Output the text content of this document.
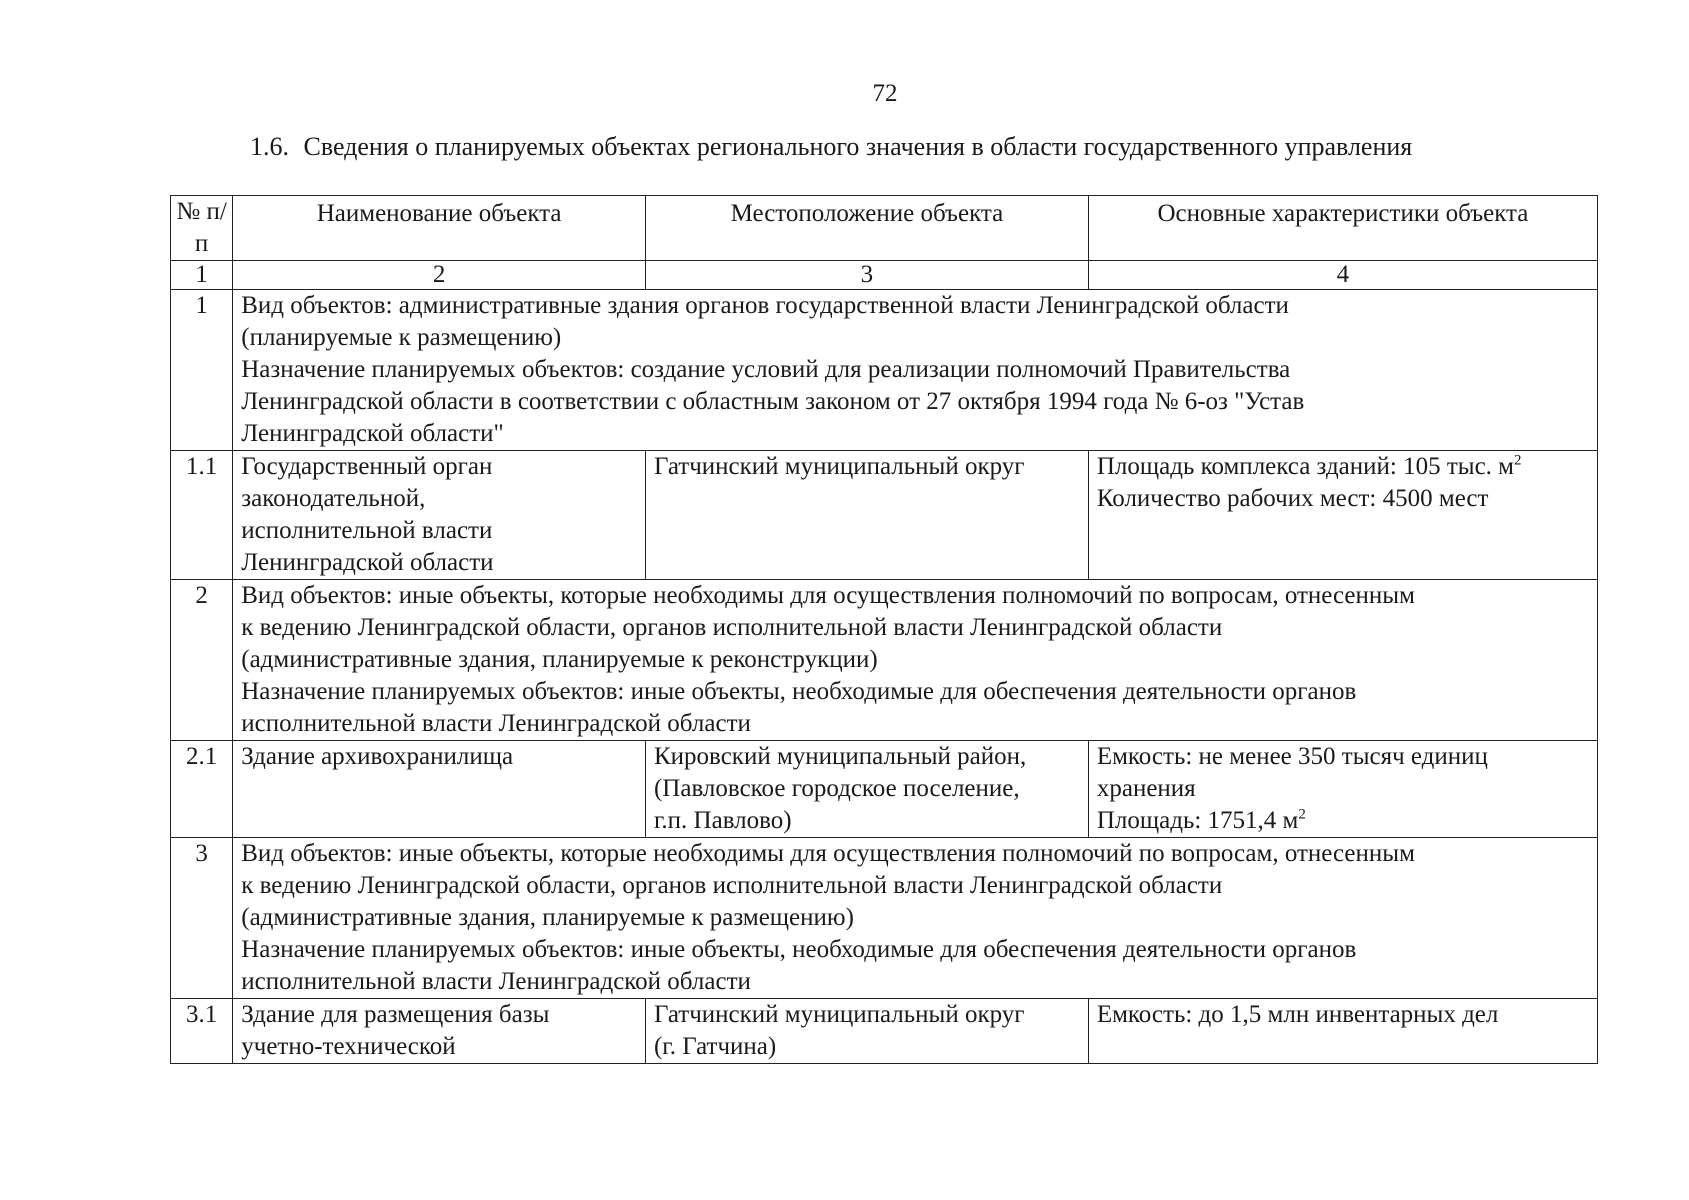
72
1.6. Сведения о планируемых объектах регионального значения в области государственного управления
№ п/п	Наименование объекта	Местоположение объекта	Основные характеристики объекта
1	2	3	4
1	Вид объектов: административные здания органов государственной власти Ленинградской области
(планируемые к размещению)
Назначение планируемых объектов: создание условий для реализации полномочий Правительства
Ленинградской области в соответствии с областным законом от 27 октября 1994 года № 6-оз "Устав
Ленинградской области"		

1.1	Государственный орган
законодательной,
исполнительной власти
Ленинградской области	Гатчинский муниципальный округ	Площадь комплекса зданий: 105 тыс. $м^2$
Количество рабочих мест: 4500 мест

2	Вид объектов: иные объекты, которые необходимы для осуществления полномочий по вопросам, отнесенным
к ведению Ленинградской области, органов исполнительной власти Ленинградской области
(административные здания, планируемые к реконструкции)
Назначение планируемых объектов: иные объекты, необходимые для обеспечения деятельности органов
исполнительной власти Ленинградской области		

2.1	Здание архивохранилища	Кировский муниципальный район,
(Павловское городское поселение,
г.п. Павлово)	Емкость: не менее 350 тысяч единиц
хранения
Площадь: 1751,4 $м^2$

3	Вид объектов: иные объекты, которые необходимы для осуществления полномочий по вопросам, отнесенным
к ведению Ленинградской области, органов исполнительной власти Ленинградской области
(административные здания, планируемые к размещению)
Назначение планируемых объектов: иные объекты, необходимые для обеспечения деятельности органов
исполнительной власти Ленинградской области		

3.1	Здание для размещения базы
учетно-технической	Гатчинский муниципальный округ
(г. Гатчина)	Емкость: до 1,5 млн инвентарных дел
